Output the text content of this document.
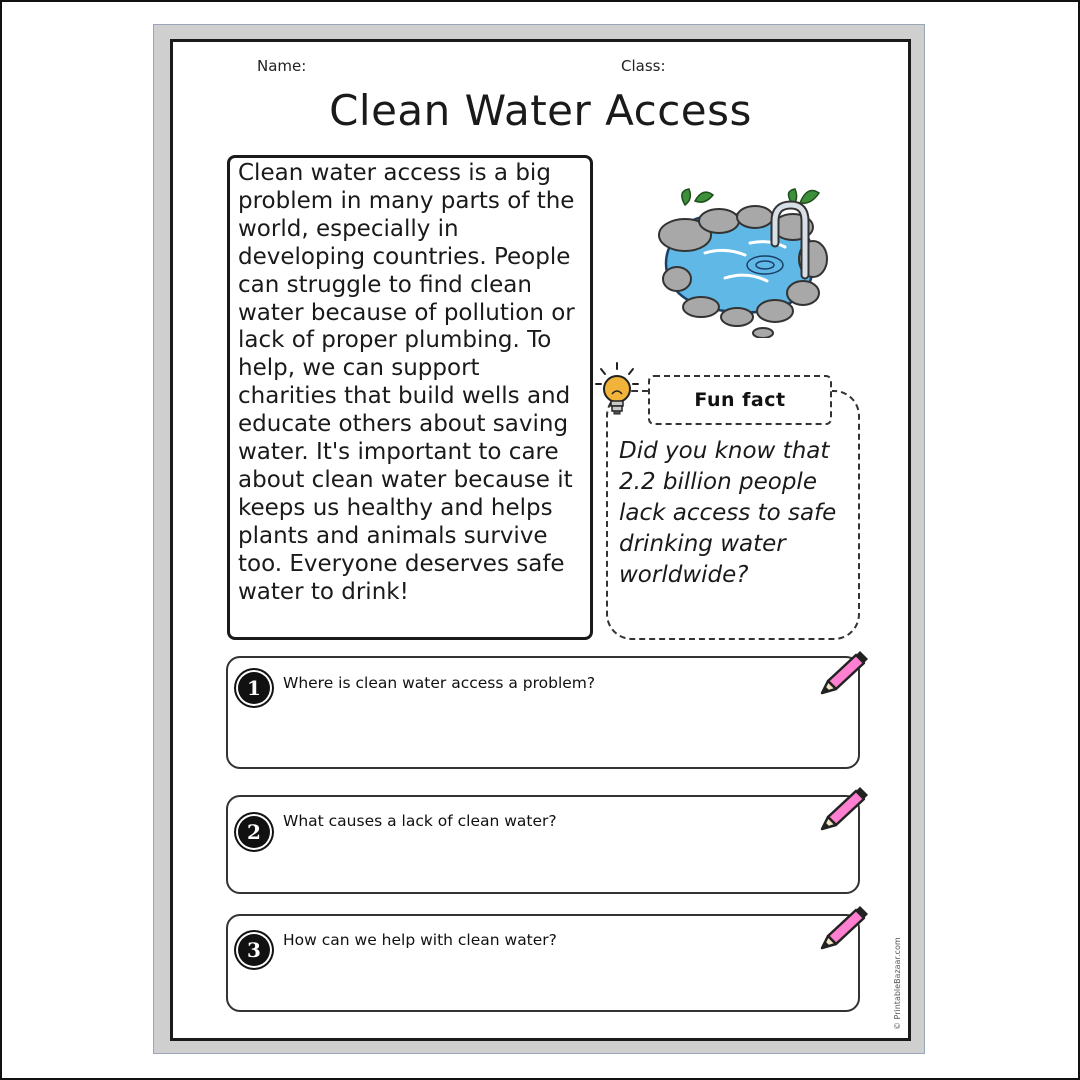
Name:	Class:
Clean Water Access
Clean water access is a big problem in many parts of the world, especially in developing countries. People can struggle to find clean water because of pollution or lack of proper plumbing. To help, we can support charities that build wells and educate others about saving water. It's important to care about clean water because it keeps us healthy and helps plants and animals survive too. Everyone deserves safe water to drink!
Fun fact
Did you know that 2.2 billion people lack access to safe drinking water worldwide?
1	Where is clean water access a problem?
2	What causes a lack of clean water?
3	How can we help with clean water?	© PrintableBazaar.com
